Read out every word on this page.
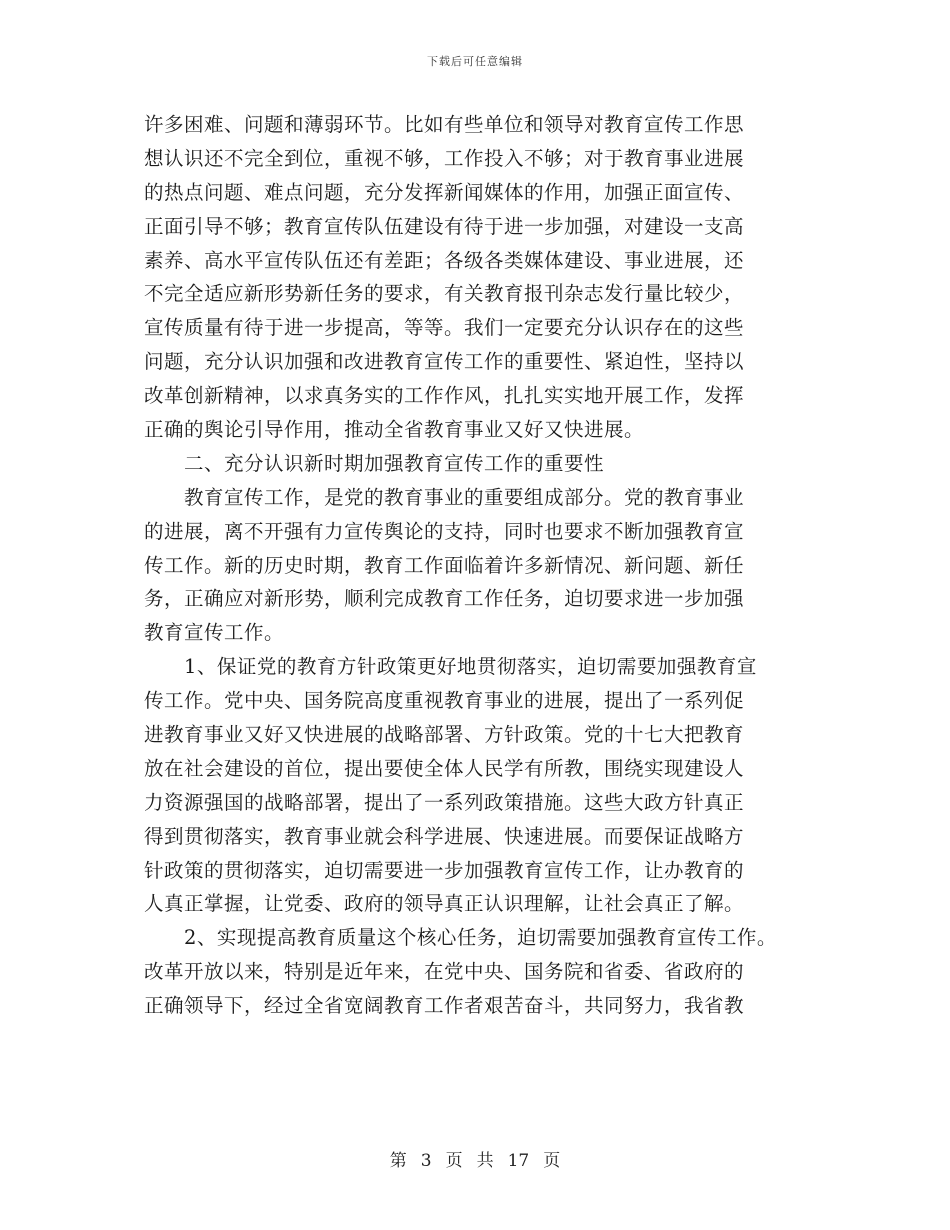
下载后可任意编辑
许多困难、问题和薄弱环节。比如有些单位和领导对教育宣传工作思
想认识还不完全到位，重视不够，工作投入不够；对于教育事业进展
的热点问题、难点问题，充分发挥新闻媒体的作用，加强正面宣传、
正面引导不够；教育宣传队伍建设有待于进一步加强，对建设一支高
素养、高水平宣传队伍还有差距；各级各类媒体建设、事业进展，还
不完全适应新形势新任务的要求，有关教育报刊杂志发行量比较少，
宣传质量有待于进一步提高，等等。我们一定要充分认识存在的这些
问题，充分认识加强和改进教育宣传工作的重要性、紧迫性，坚持以
改革创新精神，以求真务实的工作作风，扎扎实实地开展工作，发挥
正确的舆论引导作用，推动全省教育事业又好又快进展。
　　二、充分认识新时期加强教育宣传工作的重要性
　　教育宣传工作，是党的教育事业的重要组成部分。党的教育事业
的进展，离不开强有力宣传舆论的支持，同时也要求不断加强教育宣
传工作。新的历史时期，教育工作面临着许多新情况、新问题、新任
务，正确应对新形势，顺利完成教育工作任务，迫切要求进一步加强
教育宣传工作。
　　1、保证党的教育方针政策更好地贯彻落实，迫切需要加强教育宣
传工作。党中央、国务院高度重视教育事业的进展，提出了一系列促
进教育事业又好又快进展的战略部署、方针政策。党的十七大把教育
放在社会建设的首位，提出要使全体人民学有所教，围绕实现建设人
力资源强国的战略部署，提出了一系列政策措施。这些大政方针真正
得到贯彻落实，教育事业就会科学进展、快速进展。而要保证战略方
针政策的贯彻落实，迫切需要进一步加强教育宣传工作，让办教育的
人真正掌握，让党委、政府的领导真正认识理解，让社会真正了解。
　　2、实现提高教育质量这个核心任务，迫切需要加强教育宣传工作。
改革开放以来，特别是近年来，在党中央、国务院和省委、省政府的
正确领导下，经过全省宽阔教育工作者艰苦奋斗，共同努力，我省教
第 3 页 共 17 页
